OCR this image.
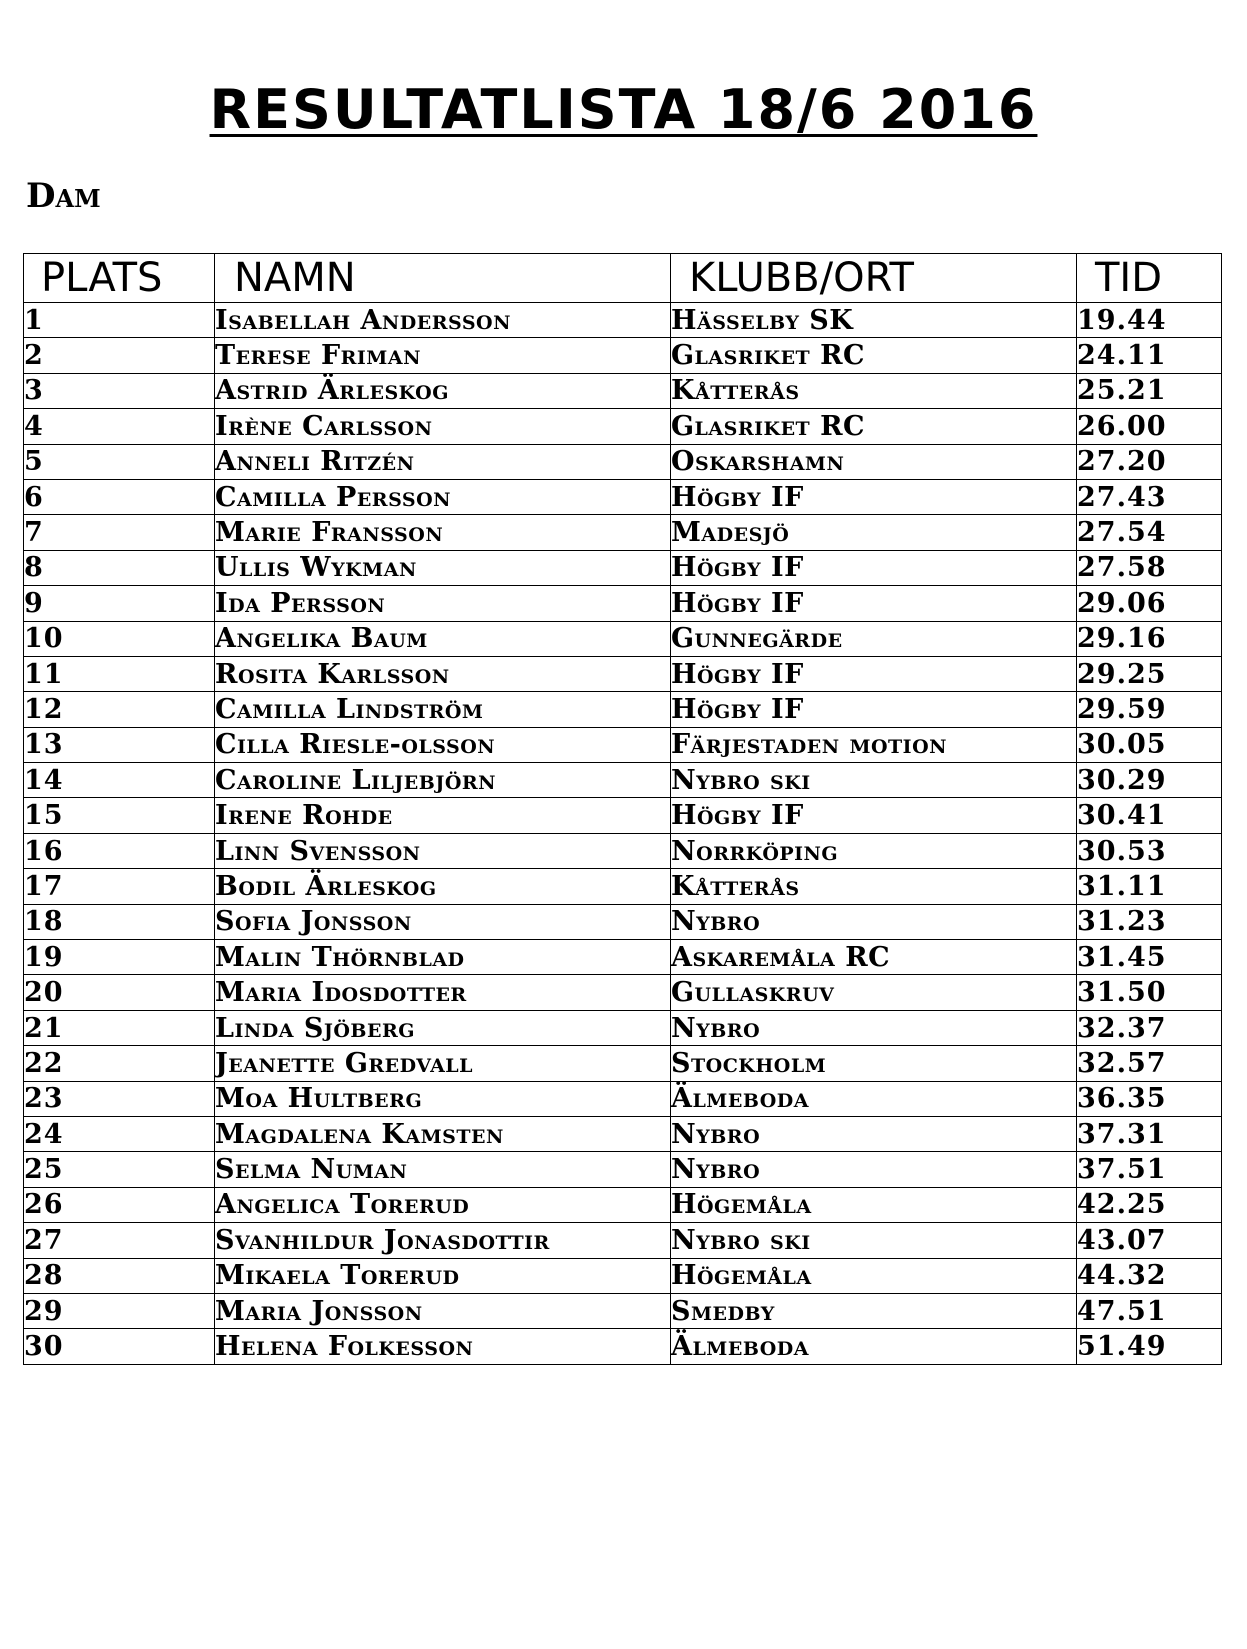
RESULTATLISTA 18/6 2016
Dam
PLATS	NAMN	KLUBB/ORT	TID
1	Isabellah Andersson	Hässelby SK	19.44
2	Terese Friman	Glasriket RC	24.11
3	Astrid Ärleskog	Kåtterås	25.21
4	Irène Carlsson	Glasriket RC	26.00
5	Anneli Ritzén	Oskarshamn	27.20
6	Camilla Persson	Högby IF	27.43
7	Marie Fransson	Madesjö	27.54
8	Ullis Wykman	Högby IF	27.58
9	Ida Persson	Högby IF	29.06
10	Angelika Baum	Gunnegärde	29.16
11	Rosita Karlsson	Högby IF	29.25
12	Camilla Lindström	Högby IF	29.59
13	Cilla Riesle-olsson	Färjestaden motion	30.05
14	Caroline Liljebjörn	Nybro ski	30.29
15	Irene Rohde	Högby IF	30.41
16	Linn Svensson	Norrköping	30.53
17	Bodil Ärleskog	Kåtterås	31.11
18	Sofia Jonsson	Nybro	31.23
19	Malin Thörnblad	Askaremåla RC	31.45
20	Maria Idosdotter	Gullaskruv	31.50
21	Linda Sjöberg	Nybro	32.37
22	Jeanette Gredvall	Stockholm	32.57
23	Moa Hultberg	Älmeboda	36.35
24	Magdalena Kamsten	Nybro	37.31
25	Selma Numan	Nybro	37.51
26	Angelica Torerud	Högemåla	42.25
27	Svanhildur Jonasdottir	Nybro ski	43.07
28	Mikaela Torerud	Högemåla	44.32
29	Maria Jonsson	Smedby	47.51
30	Helena Folkesson	Älmeboda	51.49
